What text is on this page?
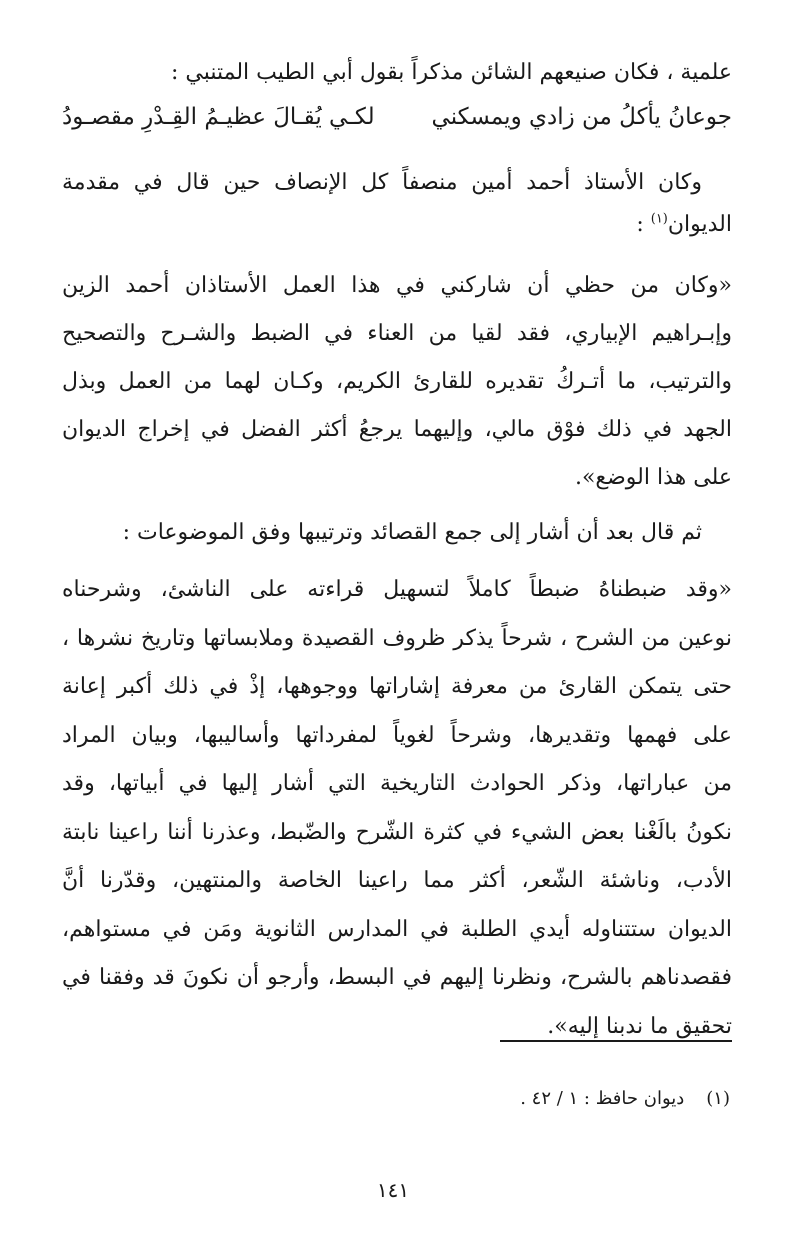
علمية ، فكان صنيعهم الشائن مذكراً بقول أبي الطيب المتنبي :

جوعانُ يأكلُ من زادي ويمسكني
لكـي يُقـالَ عظيـمُ القِـدْرِ مقصـودُ

وكان الأستاذ أحمد أمين منصفاً كل الإنصاف حين قال في مقدمة

الديوان$^{(١)}$ :

«وكان من حظي أن شاركني في هذا العمل الأستاذان أحمد الزين
وإبـراهيم الإبياري، فقد لقيا من العناء في الضبط والشـرح والتصحيح
والترتيب، ما أتـركُ تقديره للقارئ الكريم، وكـان لهما من العمل وبذل
الجهد في ذلك فوْق مالي، وإليهما يرجعُ أكثر الفضل في إخراج الديوان
على هذا الوضع».

ثم قال بعد أن أشار إلى جمع القصائد وترتيبها وفق الموضوعات :

«وقد ضبطناهُ ضبطاً كاملاً لتسهيل قراءته على الناشئ، وشرحناه
نوعين من الشرح ، شرحاً يذكر ظروف القصيدة وملابساتها وتاريخ نشرها ،
حتى يتمكن القارئ من معرفة إشاراتها ووجوهها، إذْ في ذلك أكبر إعانة
على فهمها وتقديرها، وشرحاً لغوياً لمفرداتها وأساليبها، وبيان المراد
من عباراتها، وذكر الحوادث التاريخية التي أشار إليها في أبياتها، وقد
نكونُ بالَغْنا بعض الشيء في كثرة الشّرح والضّبط، وعذرنا أننا راعينا نابتة
الأدب، وناشئة الشّعر، أكثر مما راعينا الخاصة والمنتهين، وقدّرنا أنَّ
الديوان ستتناوله أيدي الطلبة في المدارس الثانوية ومَن في مستواهم،
فقصدناهم بالشرح، ونظرنا إليهم في البسط، وأرجو أن نكونَ قد وفقنا في
تحقيق ما ندبنا إليه».

(١)ديوان حافظ : ١ / ٤٢ .
١٤١
